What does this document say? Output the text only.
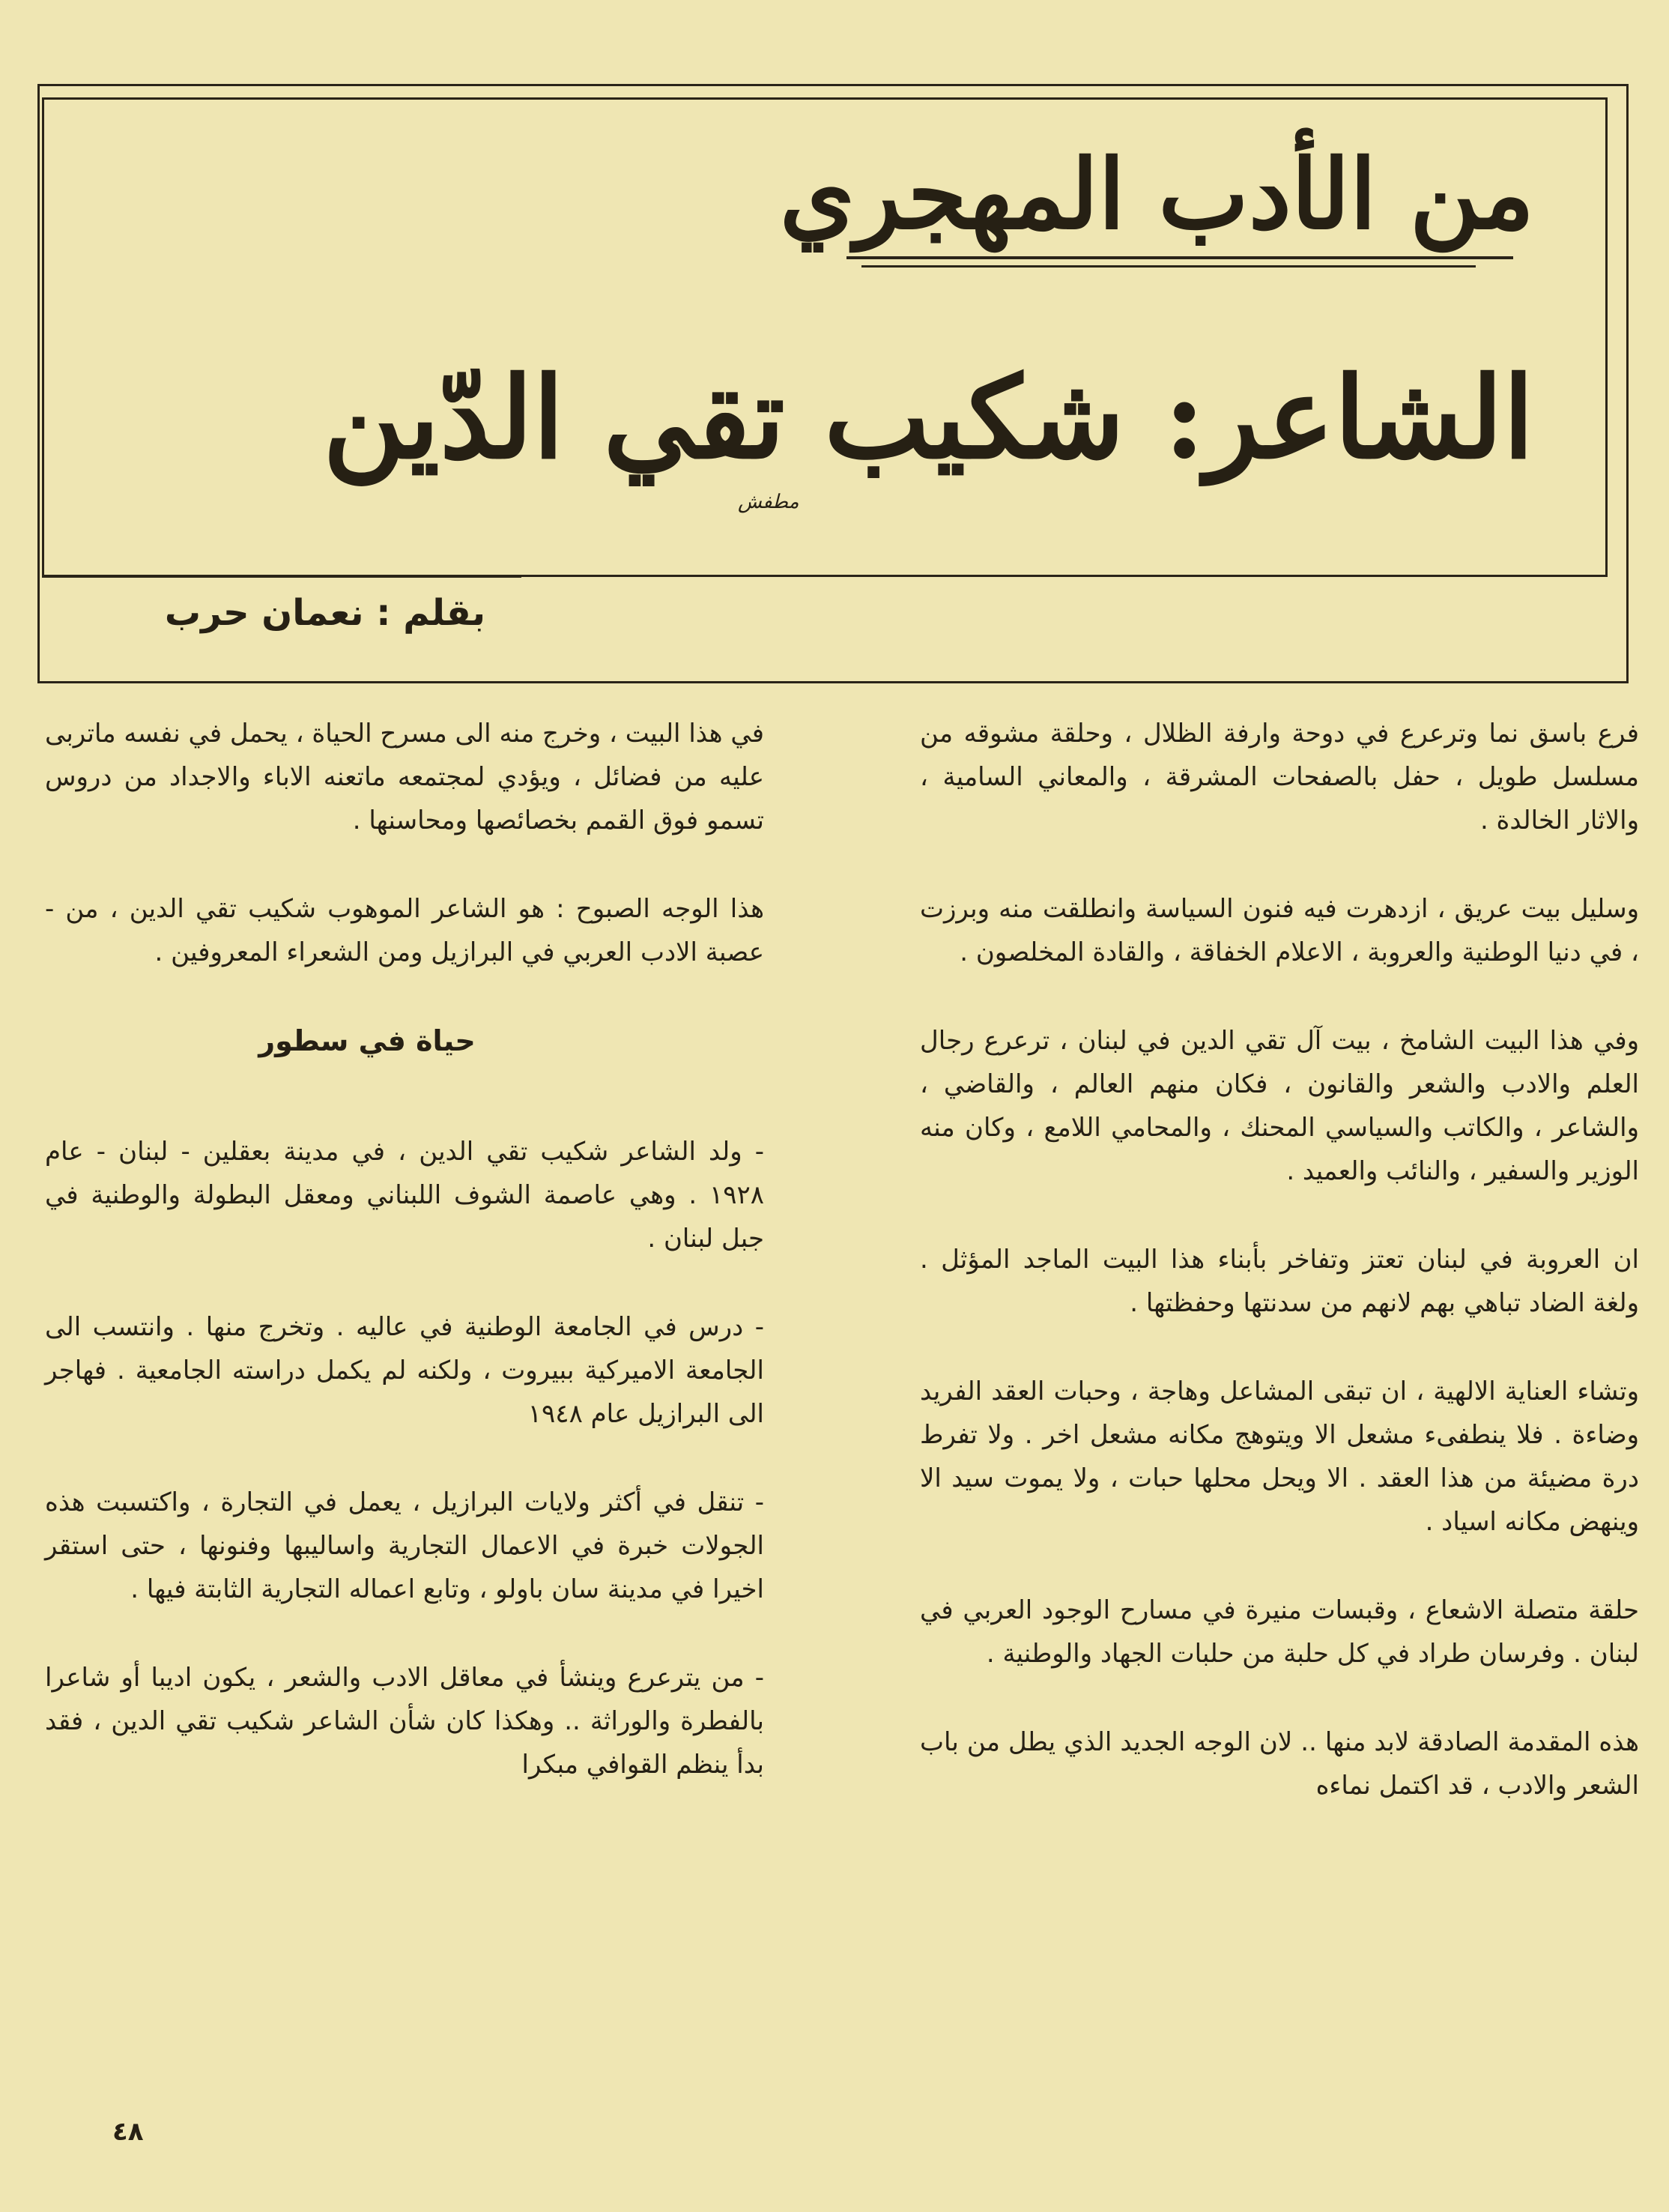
من الأدب المهجري
الشاعر: شكيب تقي الدّين
مطفش
بقلم : نعمان حرب

فرع باسق نما وترعرع في دوحة وارفة الظلال ، وحلقة مشوقه من مسلسل طويل ، حفل بالصفحات المشرقة ، والمعاني السامية ، والاثار الخالدة .

وسليل بيت عريق ، ازدهرت فيه فنون السياسة وانطلقت منه وبرزت ، في دنيا الوطنية والعروبة ، الاعلام الخفاقة ، والقادة المخلصون .

وفي هذا البيت الشامخ ، بيت آل تقي الدين في لبنان ، ترعرع رجال العلم والادب والشعر والقانون ، فكان منهم العالم ، والقاضي ، والشاعر ، والكاتب والسياسي المحنك ، والمحامي اللامع ، وكان منه الوزير والسفير ، والنائب والعميد .

ان العروبة في لبنان تعتز وتفاخر بأبناء هذا البيت الماجد المؤثل . ولغة الضاد تباهي بهم لانهم من سدنتها وحفظتها .

وتشاء العناية الالهية ، ان تبقى المشاعل وهاجة ، وحبات العقد الفريد وضاءة . فلا ينطفىء مشعل الا ويتوهج مكانه مشعل اخر . ولا تفرط درة مضيئة من هذا العقد . الا ويحل محلها حبات ، ولا يموت سيد الا وينهض مكانه اسياد .

حلقة متصلة الاشعاع ، وقبسات منيرة في مسارح الوجود العربي في لبنان . وفرسان طراد في كل حلبة من حلبات الجهاد والوطنية .

هذه المقدمة الصادقة لابد منها .. لان الوجه الجديد الذي يطل من باب الشعر والادب ، قد اكتمل نماءه

في هذا البيت ، وخرج منه الى مسرح الحياة ، يحمل في نفسه ماتربى عليه من فضائل ، ويؤدي لمجتمعه ماتعنه الاباء والاجداد من دروس تسمو فوق القمم بخصائصها ومحاسنها .

هذا الوجه الصبوح : هو الشاعر الموهوب شكيب تقي الدين ، من - عصبة الادب العربي في البرازيل ومن الشعراء المعروفين .

حياة في سطور

- ولد الشاعر شكيب تقي الدين ، في مدينة بعقلين - لبنان - عام ١٩٢٨ . وهي عاصمة الشوف اللبناني ومعقل البطولة والوطنية في جبل لبنان .

- درس في الجامعة الوطنية في عاليه . وتخرج منها . وانتسب الى الجامعة الاميركية ببيروت ، ولكنه لم يكمل دراسته الجامعية . فهاجر الى البرازيل عام ١٩٤٨

- تنقل في أكثر ولايات البرازيل ، يعمل في التجارة ، واكتسبت هذه الجولات خبرة في الاعمال التجارية واساليبها وفنونها ، حتى استقر اخيرا في مدينة سان باولو ، وتابع اعماله التجارية الثابتة فيها .

- من يترعرع وينشأ في معاقل الادب والشعر ، يكون اديبا أو شاعرا بالفطرة والوراثة .. وهكذا كان شأن الشاعر شكيب تقي الدين ، فقد بدأ ينظم القوافي مبكرا

٤٨
